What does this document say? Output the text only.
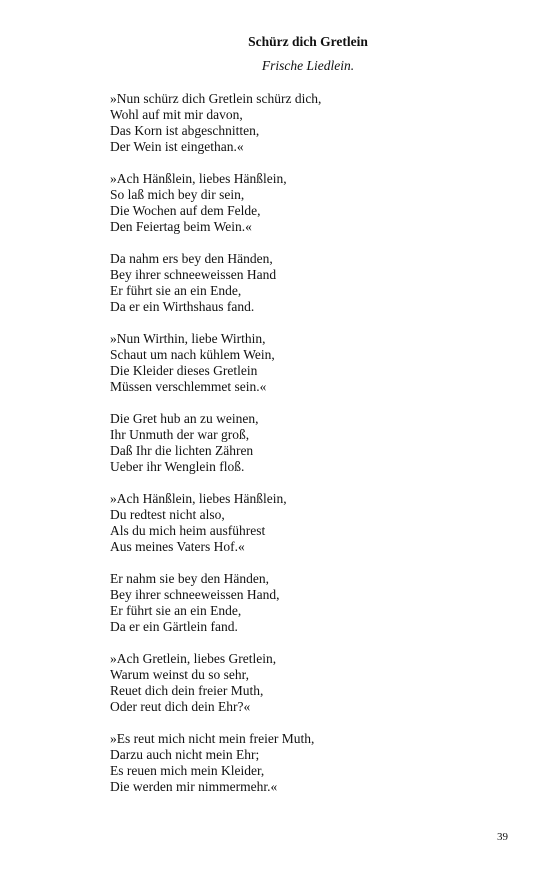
Schürz dich Gretlein
Frische Liedlein.
»Nun schürz dich Gretlein schürz dich,
Wohl auf mit mir davon,
Das Korn ist abgeschnitten,
Der Wein ist eingethan.«
»Ach Hänßlein, liebes Hänßlein,
So laß mich bey dir sein,
Die Wochen auf dem Felde,
Den Feiertag beim Wein.«
Da nahm ers bey den Händen,
Bey ihrer schneeweissen Hand
Er führt sie an ein Ende,
Da er ein Wirthshaus fand.
»Nun Wirthin, liebe Wirthin,
Schaut um nach kühlem Wein,
Die Kleider dieses Gretlein
Müssen verschlemmet sein.«
Die Gret hub an zu weinen,
Ihr Unmuth der war groß,
Daß Ihr die lichten Zähren
Ueber ihr Wenglein floß.
»Ach Hänßlein, liebes Hänßlein,
Du redtest nicht also,
Als du mich heim ausführest
Aus meines Vaters Hof.«
Er nahm sie bey den Händen,
Bey ihrer schneeweissen Hand,
Er führt sie an ein Ende,
Da er ein Gärtlein fand.
»Ach Gretlein, liebes Gretlein,
Warum weinst du so sehr,
Reuet dich dein freier Muth,
Oder reut dich dein Ehr?«
»Es reut mich nicht mein freier Muth,
Darzu auch nicht mein Ehr;
Es reuen mich mein Kleider,
Die werden mir nimmermehr.«
39
